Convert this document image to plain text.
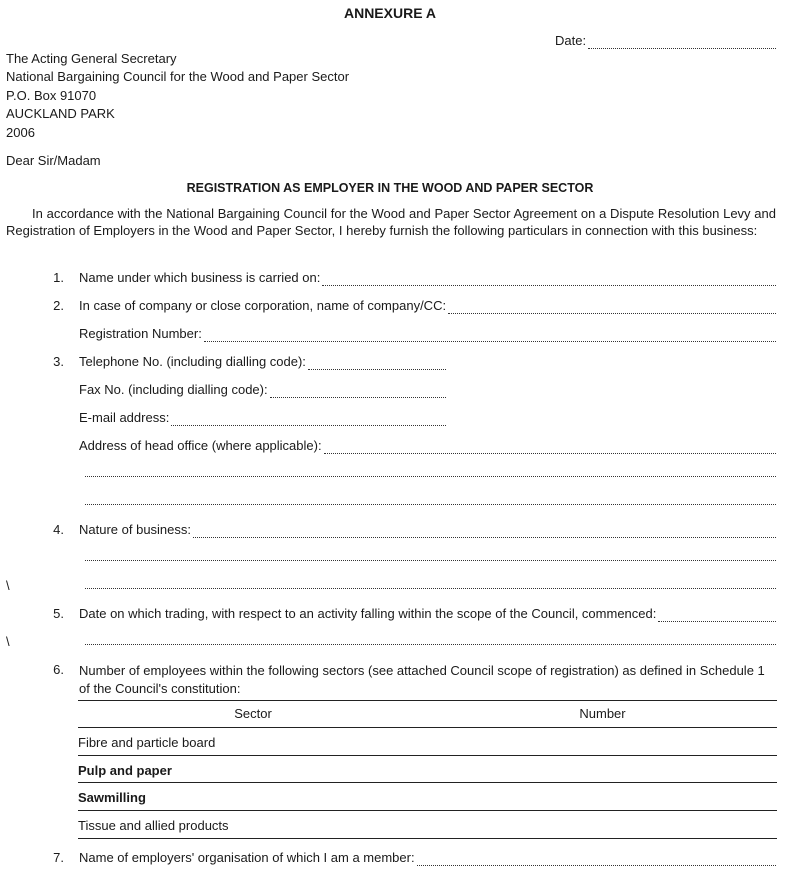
ANNEXURE A
Date:
The Acting General Secretary
National Bargaining Council for the Wood and Paper Sector
P.O. Box 91070
AUCKLAND PARK
2006
Dear Sir/Madam
REGISTRATION AS EMPLOYER IN THE WOOD AND PAPER SECTOR
In accordance with the National Bargaining Council for the Wood and Paper Sector Agreement on a Dispute Resolution Levy and Registration of Employers in the Wood and Paper Sector, I hereby furnish the following particulars in connection with this business:
1. Name under which business is carried on:
2. In case of company or close corporation, name of company/CC:
Registration Number:
3. Telephone No. (including dialling code):
Fax No. (including dialling code):
E-mail address:
Address of head office (where applicable):
4. Nature of business:
\
5. Date on which trading, with respect to an activity falling within the scope of the Council, commenced:
\
6. Number of employees within the following sectors (see attached Council scope of registration) as defined in Schedule 1 of the Council's constitution:
Sector	Number
Fibre and particle board
Pulp and paper
Sawmilling
Tissue and allied products
7. Name of employers' organisation of which I am a member:
